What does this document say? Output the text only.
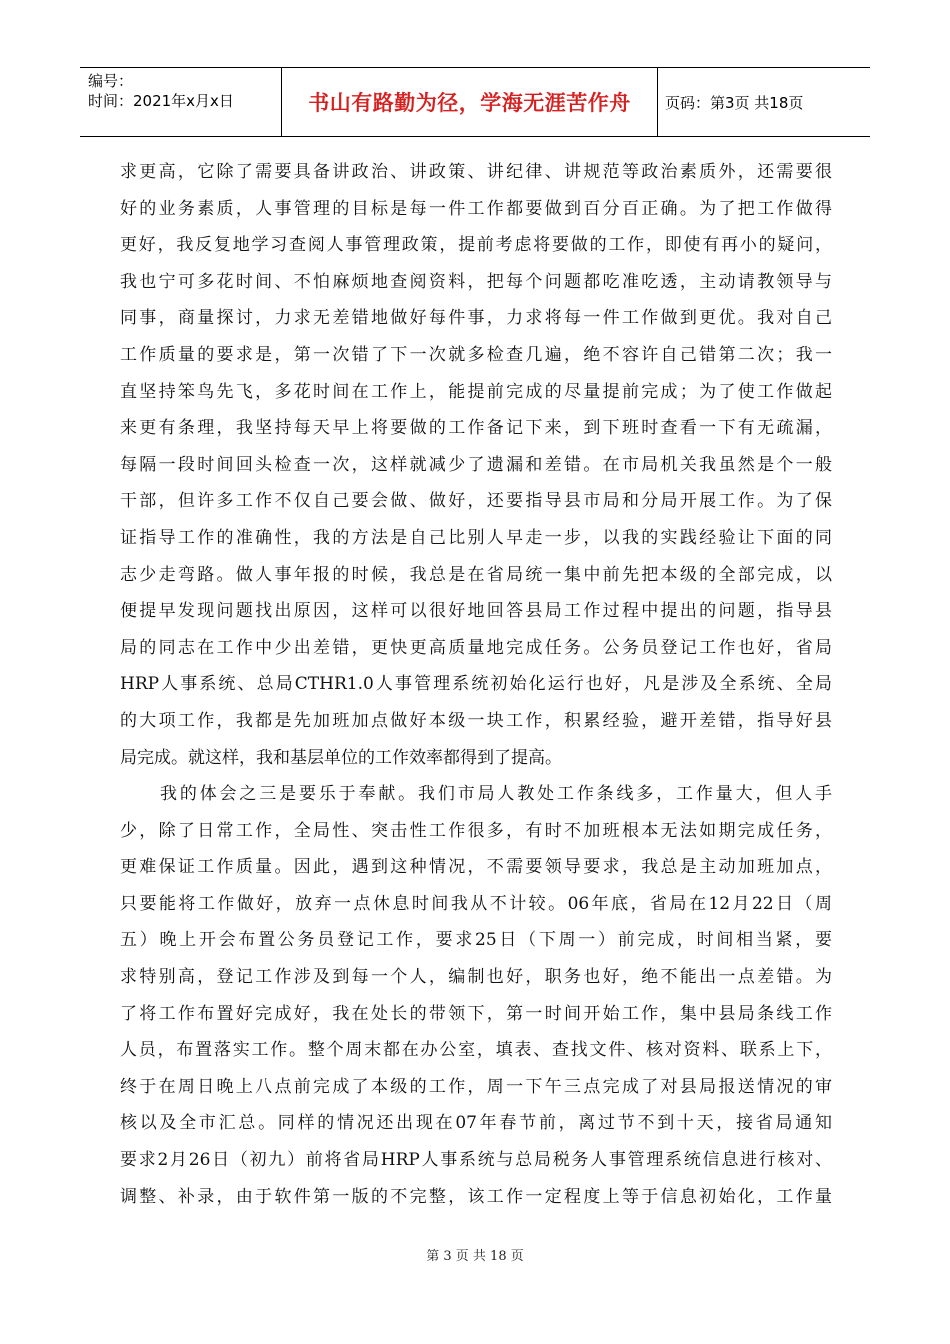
编号：
时间：2021年x月x日	书山有路勤为径，学海无涯苦作舟 页码：第3页 共18页
求更高，它除了需要具备讲政治、讲政策、讲纪律、讲规范等政治素质外，还需要很
好的业务素质，人事管理的目标是每一件工作都要做到百分百正确。为了把工作做得
更好，我反复地学习查阅人事管理政策，提前考虑将要做的工作，即使有再小的疑问，
我也宁可多花时间、不怕麻烦地查阅资料，把每个问题都吃准吃透，主动请教领导与
同事，商量探讨，力求无差错地做好每件事，力求将每一件工作做到更优。我对自己
工作质量的要求是，第一次错了下一次就多检查几遍，绝不容许自己错第二次；我一
直坚持笨鸟先飞，多花时间在工作上，能提前完成的尽量提前完成；为了使工作做起
来更有条理，我坚持每天早上将要做的工作备记下来，到下班时查看一下有无疏漏，
每隔一段时间回头检查一次，这样就减少了遗漏和差错。在市局机关我虽然是个一般
干部，但许多工作不仅自己要会做、做好，还要指导县市局和分局开展工作。为了保
证指导工作的准确性，我的方法是自己比别人早走一步，以我的实践经验让下面的同
志少走弯路。做人事年报的时候，我总是在省局统一集中前先把本级的全部完成，以
便提早发现问题找出原因，这样可以很好地回答县局工作过程中提出的问题，指导县
局的同志在工作中少出差错，更快更高质量地完成任务。公务员登记工作也好，省局
HRP人事系统、总局CTHR1.0人事管理系统初始化运行也好，凡是涉及全系统、全局
的大项工作，我都是先加班加点做好本级一块工作，积累经验，避开差错，指导好县
局完成。就这样，我和基层单位的工作效率都得到了提高。
我的体会之三是要乐于奉献。我们市局人教处工作条线多，工作量大，但人手
少，除了日常工作，全局性、突击性工作很多，有时不加班根本无法如期完成任务，
更难保证工作质量。因此，遇到这种情况，不需要领导要求，我总是主动加班加点，
只要能将工作做好，放弃一点休息时间我从不计较。06年底，省局在12月22日（周
五）晚上开会布置公务员登记工作，要求25日（下周一）前完成，时间相当紧，要
求特别高，登记工作涉及到每一个人，编制也好，职务也好，绝不能出一点差错。为
了将工作布置好完成好，我在处长的带领下，第一时间开始工作，集中县局条线工作
人员，布置落实工作。整个周末都在办公室，填表、查找文件、核对资料、联系上下，
终于在周日晚上八点前完成了本级的工作，周一下午三点完成了对县局报送情况的审
核以及全市汇总。同样的情况还出现在07年春节前，离过节不到十天，接省局通知
要求2月26日（初九）前将省局HRP人事系统与总局税务人事管理系统信息进行核对、
调整、补录，由于软件第一版的不完整，该工作一定程度上等于信息初始化，工作量
第 3 页 共 18 页
